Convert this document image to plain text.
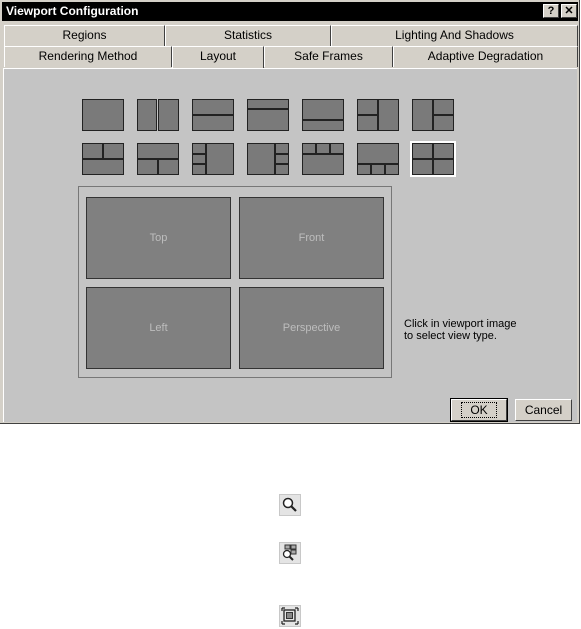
Viewport Configuration	? ✕
Regions	Statistics	Lighting And Shadows
Rendering Method	Layout	Safe Frames	Adaptive Degradation
Top	Front
Left	Perspective	Click in viewport image to select view type.
OK	Cancel
